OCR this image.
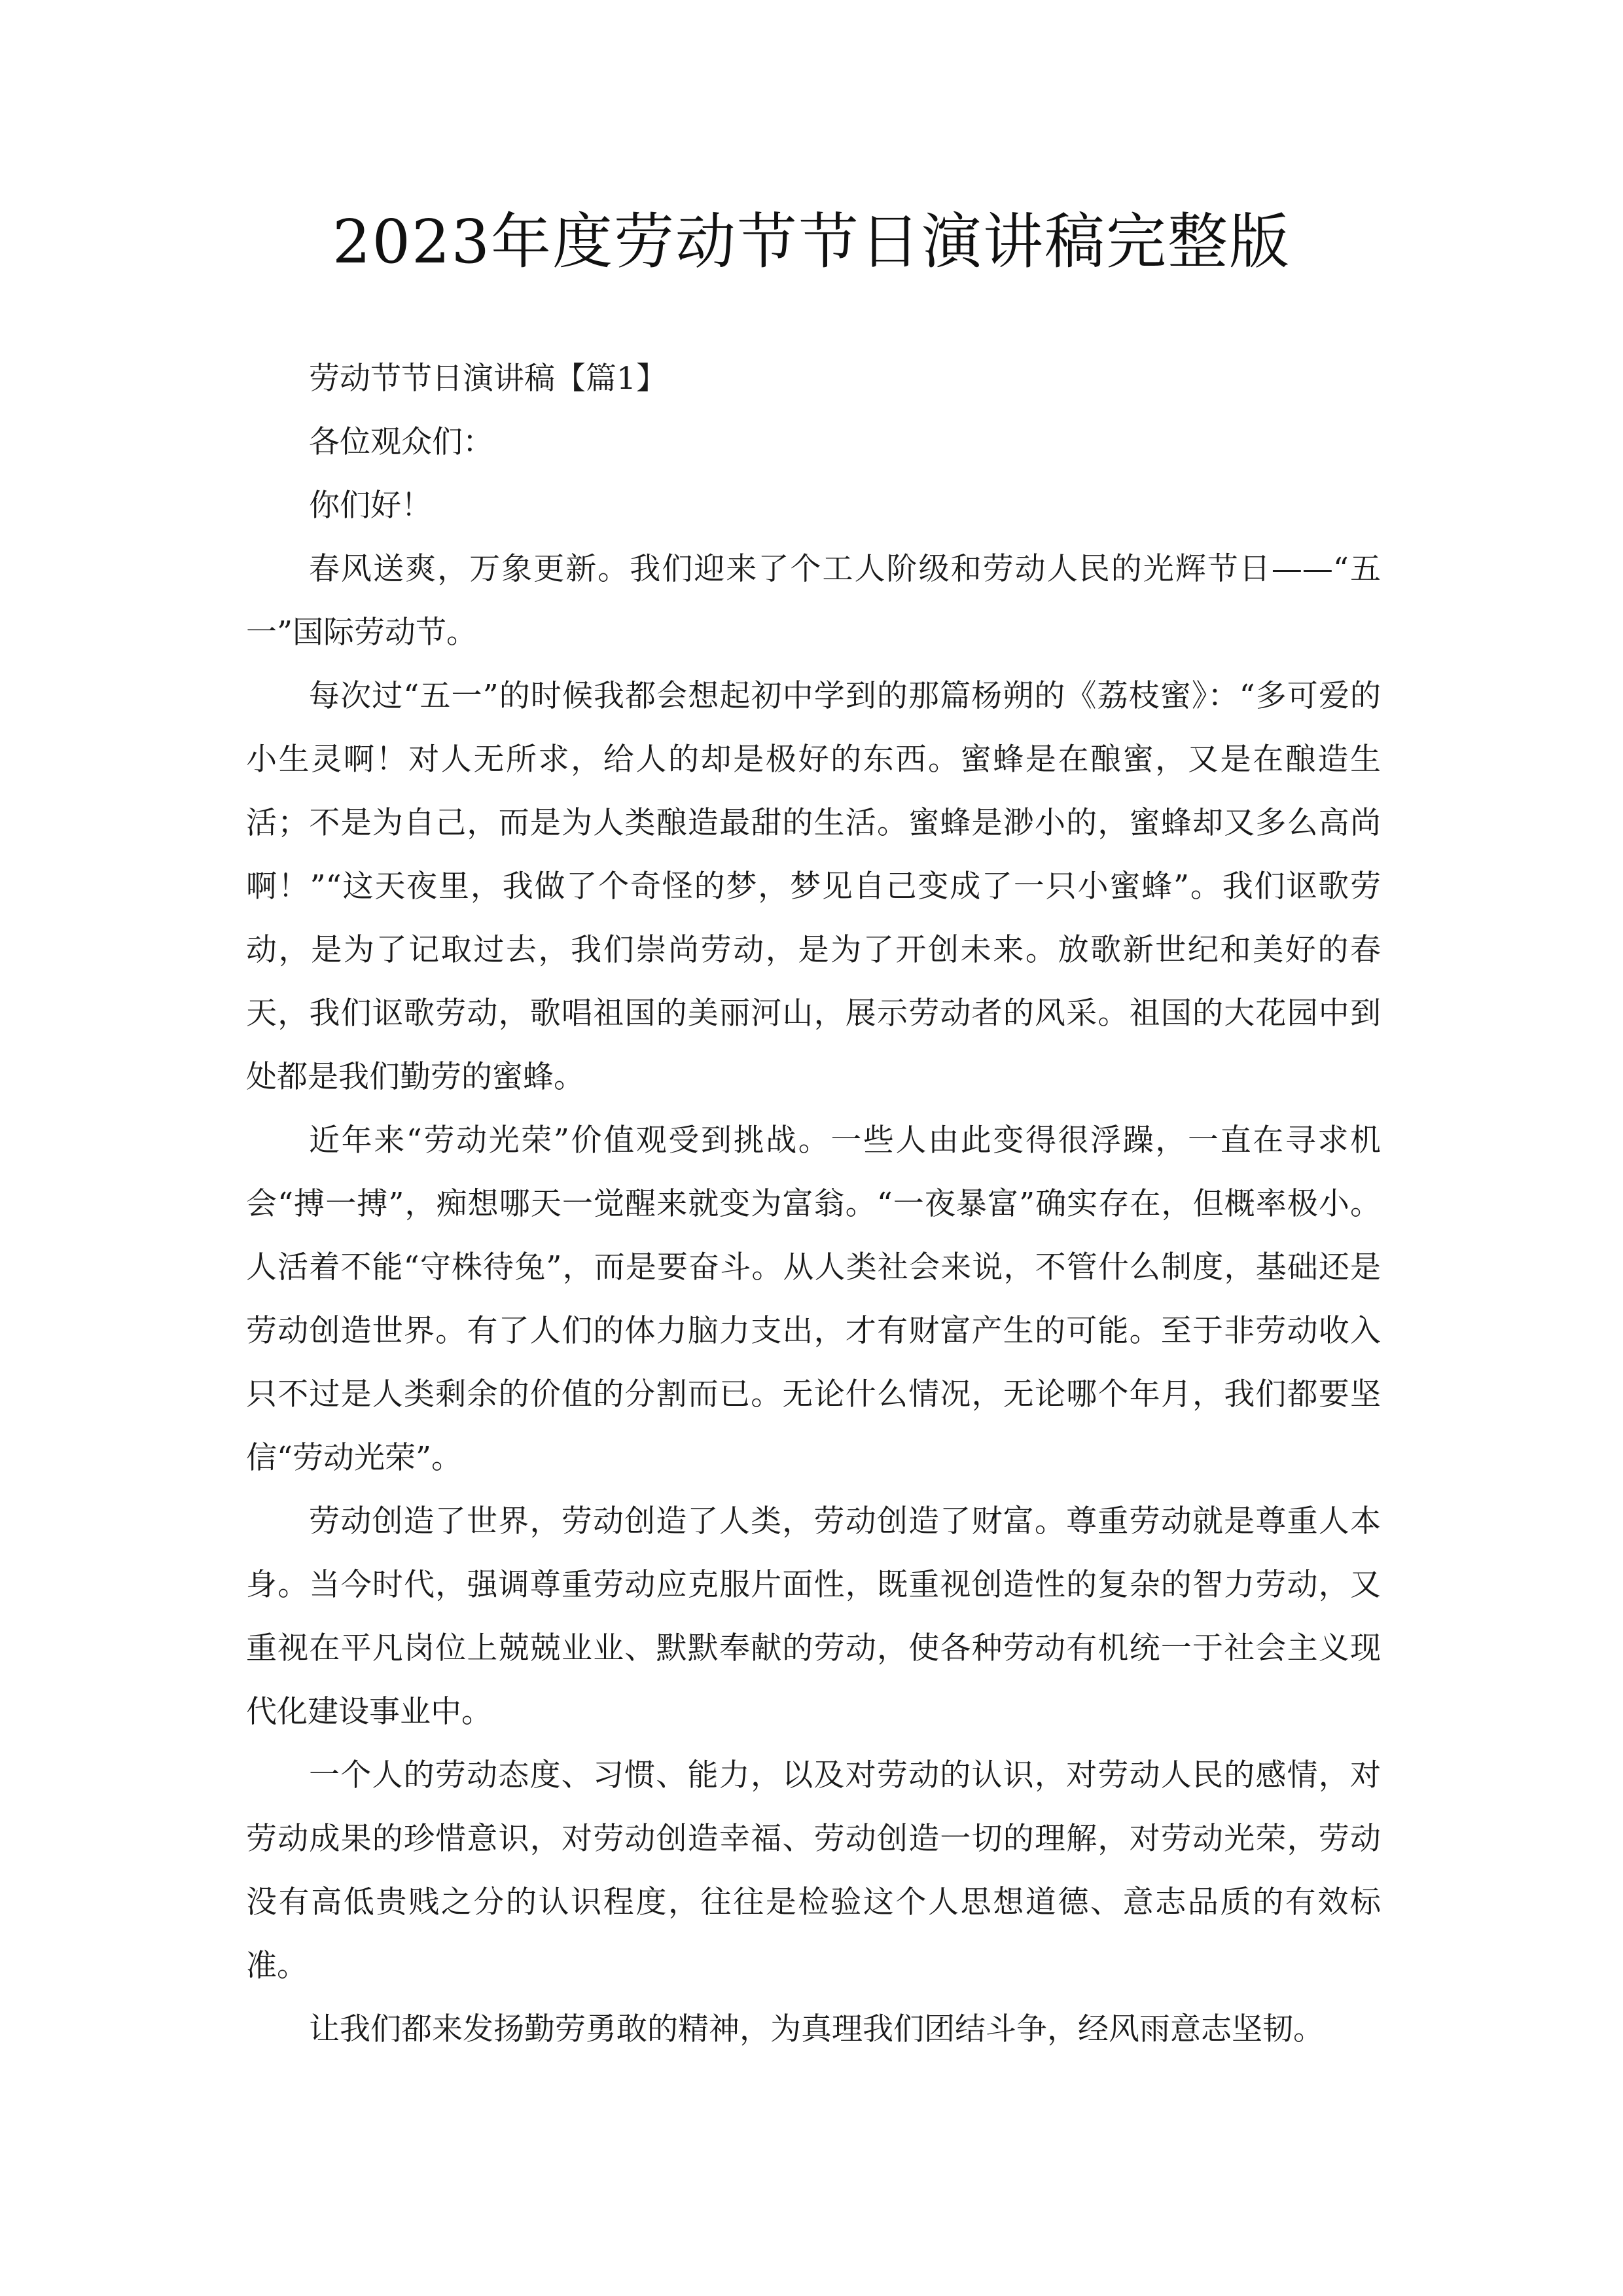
2023年度劳动节节日演讲稿完整版

劳动节节日演讲稿【篇1】

各位观众们：

你们好！

春风送爽，万象更新。我们迎来了个工人阶级和劳动人民的光辉节日——“五一”国际劳动节。

每次过“五一”的时候我都会想起初中学到的那篇杨朔的《荔枝蜜》：“多可爱的小生灵啊！对人无所求，给人的却是极好的东西。蜜蜂是在酿蜜，又是在酿造生活；不是为自己，而是为人类酿造最甜的生活。蜜蜂是渺小的，蜜蜂却又多么高尚啊！”“这天夜里，我做了个奇怪的梦，梦见自己变成了一只小蜜蜂”。我们讴歌劳动，是为了记取过去，我们崇尚劳动，是为了开创未来。放歌新世纪和美好的春天，我们讴歌劳动，歌唱祖国的美丽河山，展示劳动者的风采。祖国的大花园中到处都是我们勤劳的蜜蜂。

近年来“劳动光荣”价值观受到挑战。一些人由此变得很浮躁，一直在寻求机会“搏一搏”，痴想哪天一觉醒来就变为富翁。“一夜暴富”确实存在，但概率极小。人活着不能“守株待兔”，而是要奋斗。从人类社会来说，不管什么制度，基础还是劳动创造世界。有了人们的体力脑力支出，才有财富产生的可能。至于非劳动收入只不过是人类剩余的价值的分割而已。无论什么情况，无论哪个年月，我们都要坚信“劳动光荣”。

劳动创造了世界，劳动创造了人类，劳动创造了财富。尊重劳动就是尊重人本身。当今时代，强调尊重劳动应克服片面性，既重视创造性的复杂的智力劳动，又重视在平凡岗位上兢兢业业、默默奉献的劳动，使各种劳动有机统一于社会主义现代化建设事业中。

一个人的劳动态度、习惯、能力，以及对劳动的认识，对劳动人民的感情，对劳动成果的珍惜意识，对劳动创造幸福、劳动创造一切的理解，对劳动光荣，劳动没有高低贵贱之分的认识程度，往往是检验这个人思想道德、意志品质的有效标准。

让我们都来发扬勤劳勇敢的精神，为真理我们团结斗争，经风雨意志坚韧。
